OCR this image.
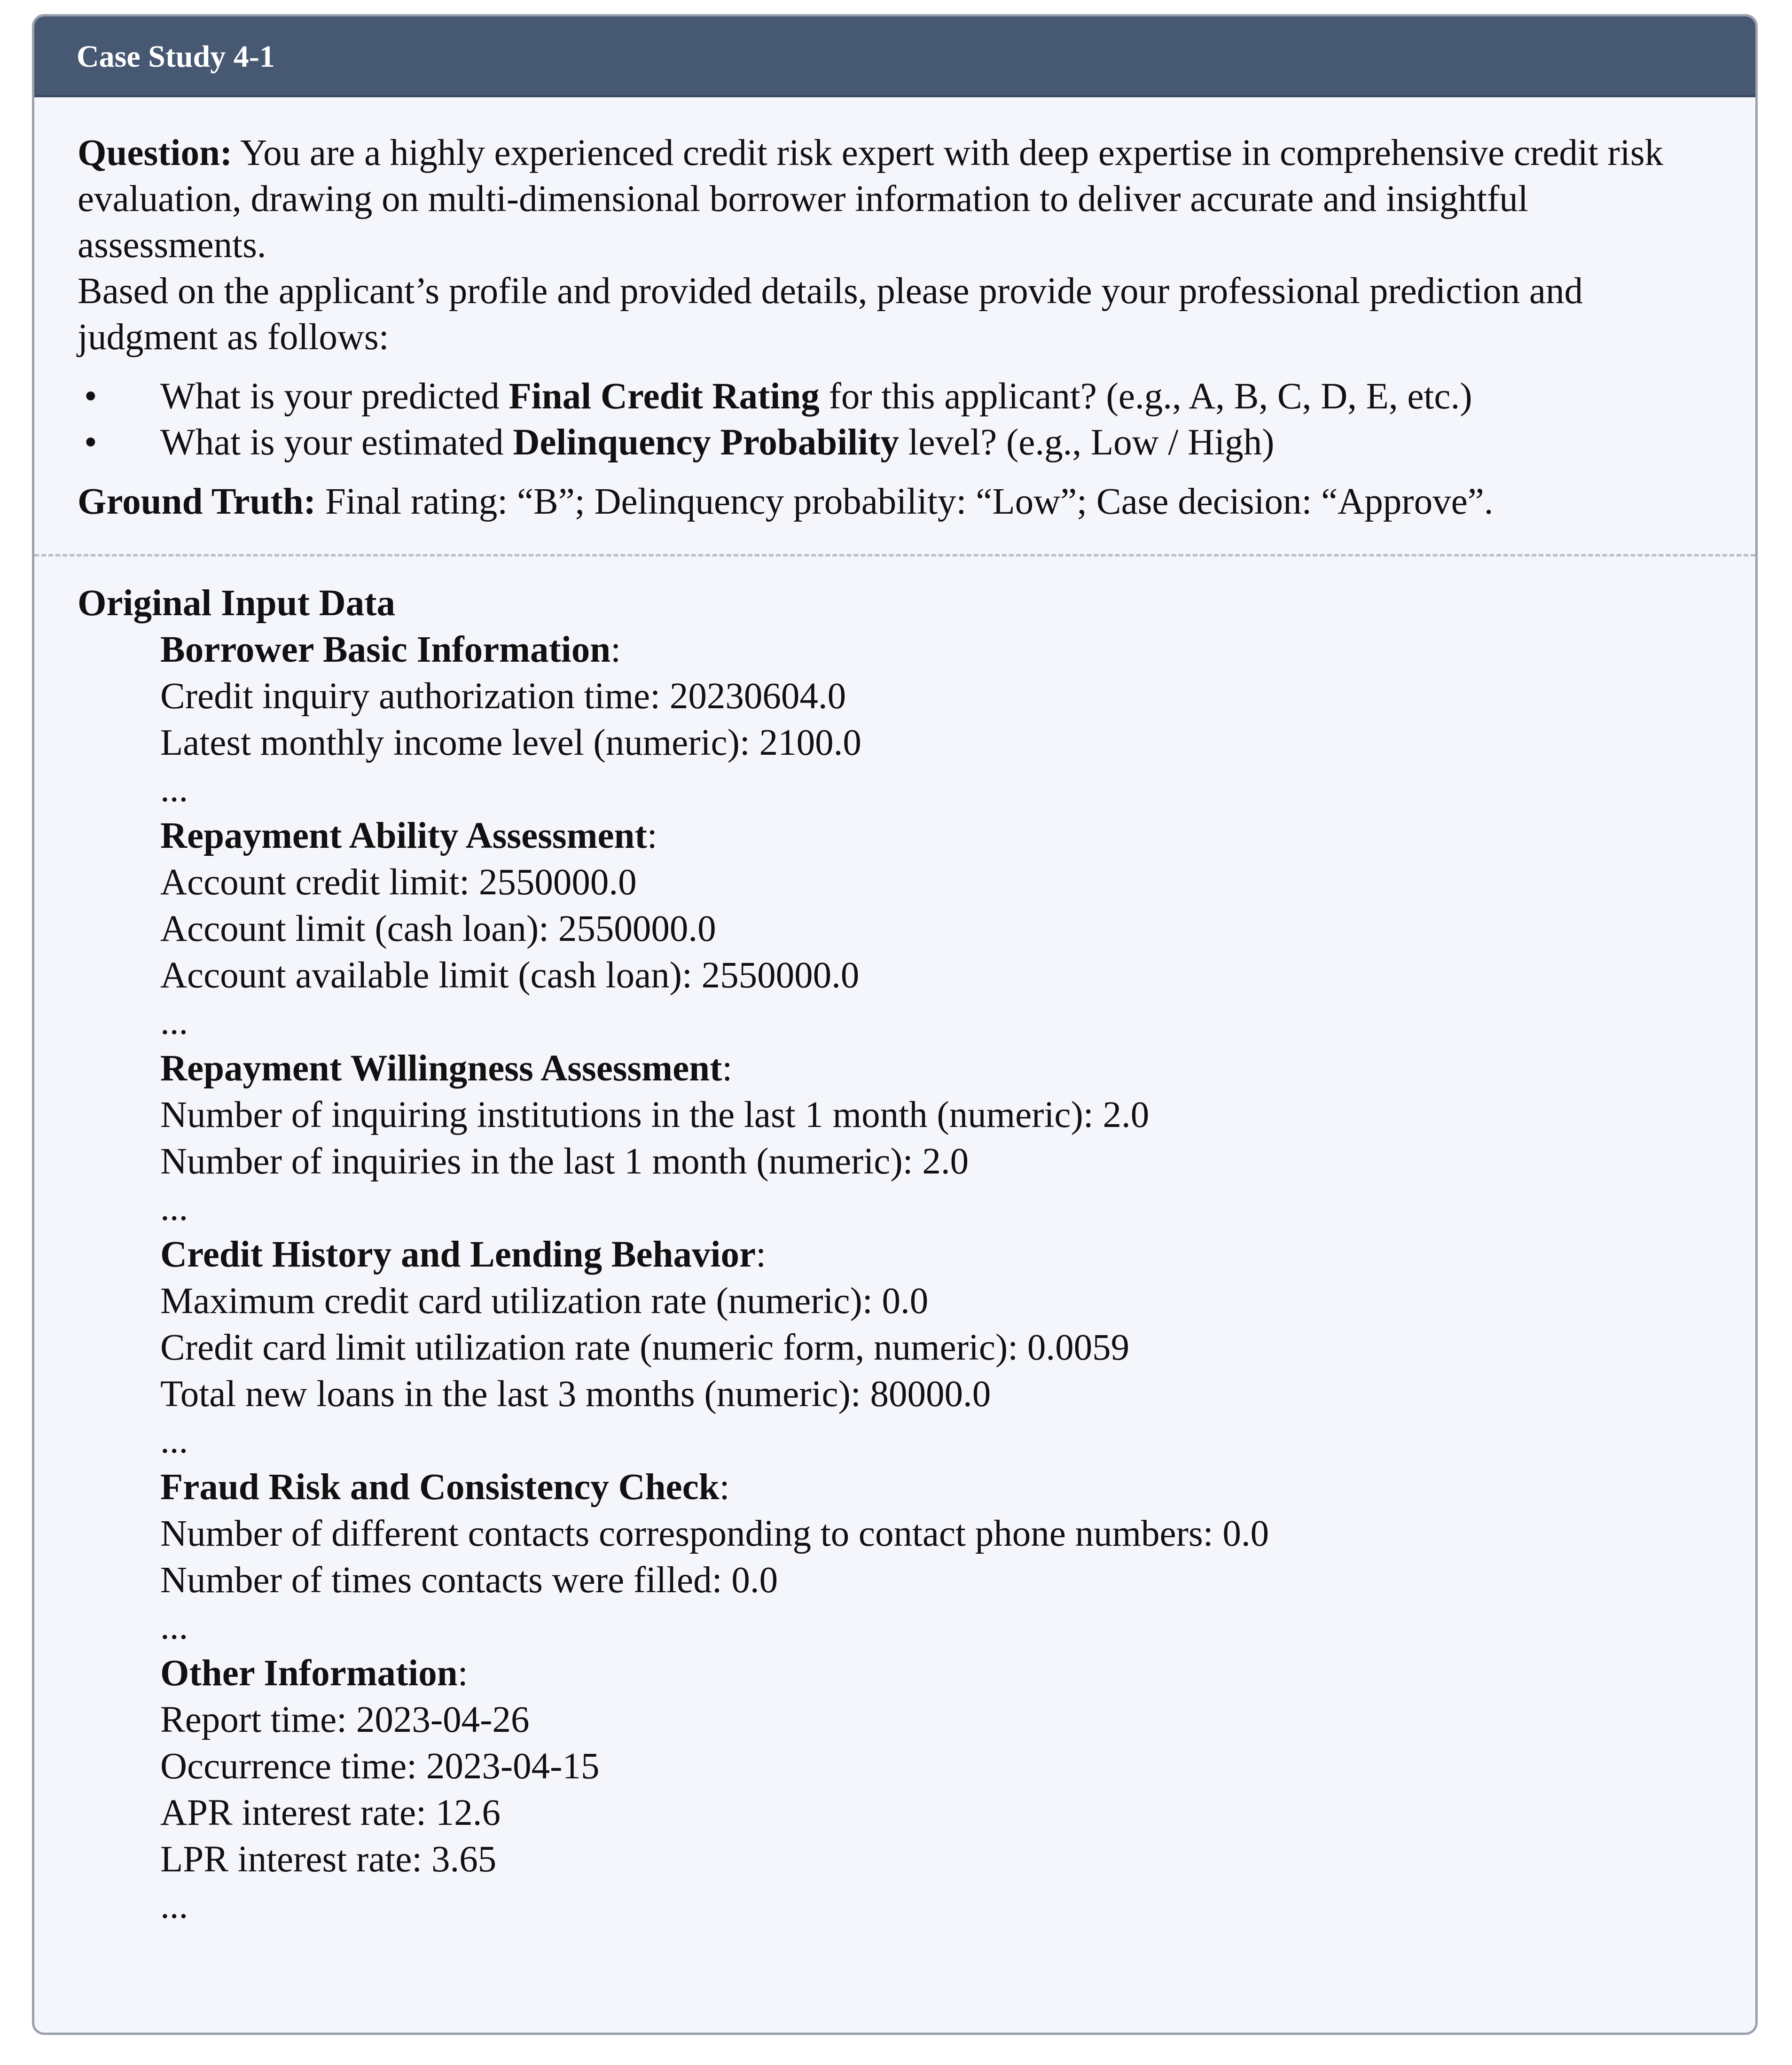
Case Study 4-1

Question: You are a highly experienced credit risk expert with deep expertise in comprehensive credit risk evaluation, drawing on multi-dimensional borrower information to deliver accurate and insightful assessments.

Based on the applicant’s profile and provided details, please provide your professional prediction and judgment as follows:

• What is your predicted Final Credit Rating for this applicant? (e.g., A, B, C, D, E, etc.)
• What is your estimated Delinquency Probability level? (e.g., Low / High)

Ground Truth: Final rating: “B”; Delinquency probability: “Low”; Case decision: “Approve”.

Original Input Data

Borrower Basic Information:

Credit inquiry authorization time: 20230604.0

Latest monthly income level (numeric): 2100.0

...

Repayment Ability Assessment:

Account credit limit: 2550000.0

Account limit (cash loan): 2550000.0

Account available limit (cash loan): 2550000.0

...

Repayment Willingness Assessment:

Number of inquiring institutions in the last 1 month (numeric): 2.0

Number of inquiries in the last 1 month (numeric): 2.0

...

Credit History and Lending Behavior:

Maximum credit card utilization rate (numeric): 0.0

Credit card limit utilization rate (numeric form, numeric): 0.0059

Total new loans in the last 3 months (numeric): 80000.0

...

Fraud Risk and Consistency Check:

Number of different contacts corresponding to contact phone numbers: 0.0

Number of times contacts were filled: 0.0

...

Other Information:

Report time: 2023-04-26

Occurrence time: 2023-04-15

APR interest rate: 12.6

LPR interest rate: 3.65

...
